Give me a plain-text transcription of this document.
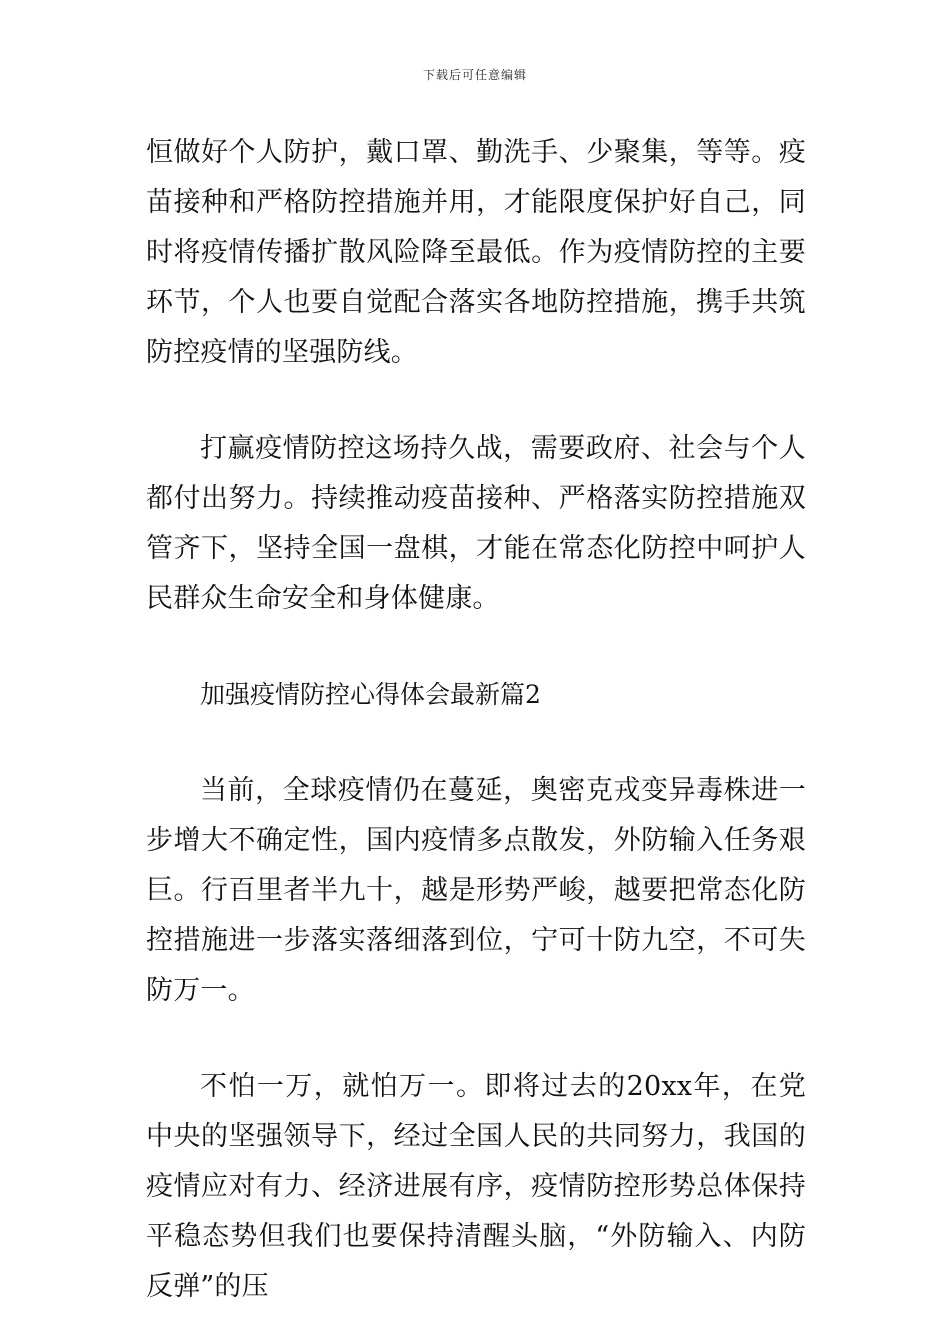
下载后可任意编辑

恒做好个人防护，戴口罩、勤洗手、少聚集，等等。疫苗接种和严格防控措施并用，才能限度保护好自己，同时将疫情传播扩散风险降至最低。作为疫情防控的主要环节，个人也要自觉配合落实各地防控措施，携手共筑防控疫情的坚强防线。

打赢疫情防控这场持久战，需要政府、社会与个人都付出努力。持续推动疫苗接种、严格落实防控措施双管齐下，坚持全国一盘棋，才能在常态化防控中呵护人民群众生命安全和身体健康。

加强疫情防控心得体会最新篇2

当前，全球疫情仍在蔓延，奥密克戎变异毒株进一步增大不确定性，国内疫情多点散发，外防输入任务艰巨。行百里者半九十，越是形势严峻，越要把常态化防控措施进一步落实落细落到位，宁可十防九空，不可失防万一。

不怕一万，就怕万一。即将过去的20xx年，在党中央的坚强领导下，经过全国人民的共同努力，我国的疫情应对有力、经济进展有序，疫情防控形势总体保持平稳态势但我们也要保持清醒头脑，“外防输入、内防反弹”的压
